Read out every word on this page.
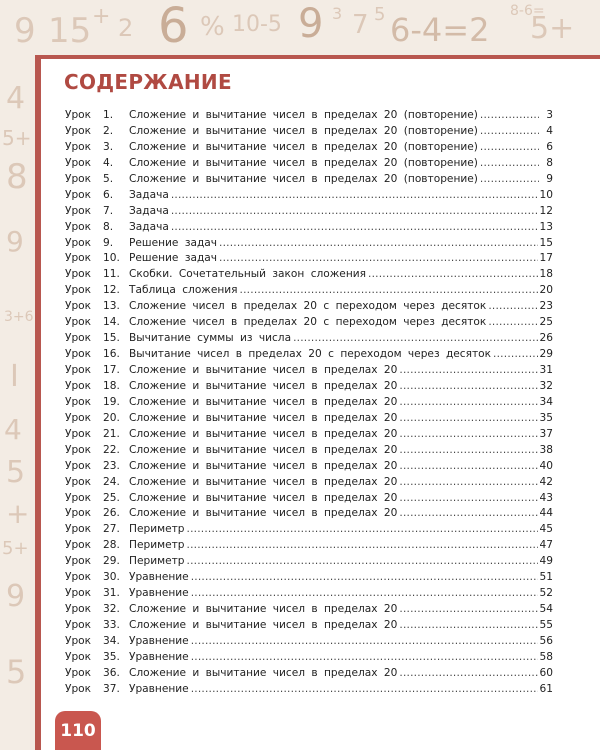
9 15 + 2 6 % 10-5 9 3 7 5 6-4=2 8-6=
5+
4
5+
8
9
3+6
I
4
5
+
5+
9
5
СОДЕРЖАНИЕ
Урок	1.	Сложение и вычитание чисел в пределах 20 (повторение) .....	3
Урок	2.	Сложение и вычитание чисел в пределах 20 (повторение) .....	4
Урок	3.	Сложение и вычитание чисел в пределах 20 (повторение) .....	6
Урок	4.	Сложение и вычитание чисел в пределах 20 (повторение) .....	8
Урок	5.	Сложение и вычитание чисел в пределах 20 (повторение) .....	9
Урок	6.	Задача .....	10
Урок	7.	Задача .....	12
Урок	8.	Задача .....	13
Урок	9.	Решение задач .....	15
Урок	10. Решение задач .....	17
Урок	11. Скобки. Сочетательный закон сложения .....	18
Урок	12. Таблица сложения .....	20
Урок	13. Сложение чисел в пределах 20 с переходом через десяток .....	23
Урок	14. Сложение чисел в пределах 20 с переходом через десяток .....	25
Урок	15. Вычитание суммы из числа .....	26
Урок	16. Вычитание чисел в пределах 20 с переходом через десяток .....	29
Урок	17. Сложение и вычитание чисел в пределах 20 .....	31
Урок	18. Сложение и вычитание чисел в пределах 20 .....	32
Урок	19. Сложение и вычитание чисел в пределах 20 .....	34
Урок	20. Сложение и вычитание чисел в пределах 20 .....	35
Урок	21. Сложение и вычитание чисел в пределах 20 .....	37
Урок	22. Сложение и вычитание чисел в пределах 20 .....	38
Урок	23. Сложение и вычитание чисел в пределах 20 .....	40
Урок	24. Сложение и вычитание чисел в пределах 20 .....	42
Урок	25. Сложение и вычитание чисел в пределах 20 .....	43
Урок	26. Сложение и вычитание чисел в пределах 20 .....	44
Урок	27. Периметр .....	45
Урок	28. Периметр .....	47
Урок	29. Периметр .....	49
Урок	30. Уравнение .....	51
Урок	31. Уравнение .....	52
Урок	32. Сложение и вычитание чисел в пределах 20 .....	54
Урок	33. Сложение и вычитание чисел в пределах 20 .....	55
Урок	34. Уравнение .....	56
Урок	35. Уравнение .....	58
Урок	36. Сложение и вычитание чисел в пределах 20 .....	60
Урок	37. Уравнение .....	61
110
